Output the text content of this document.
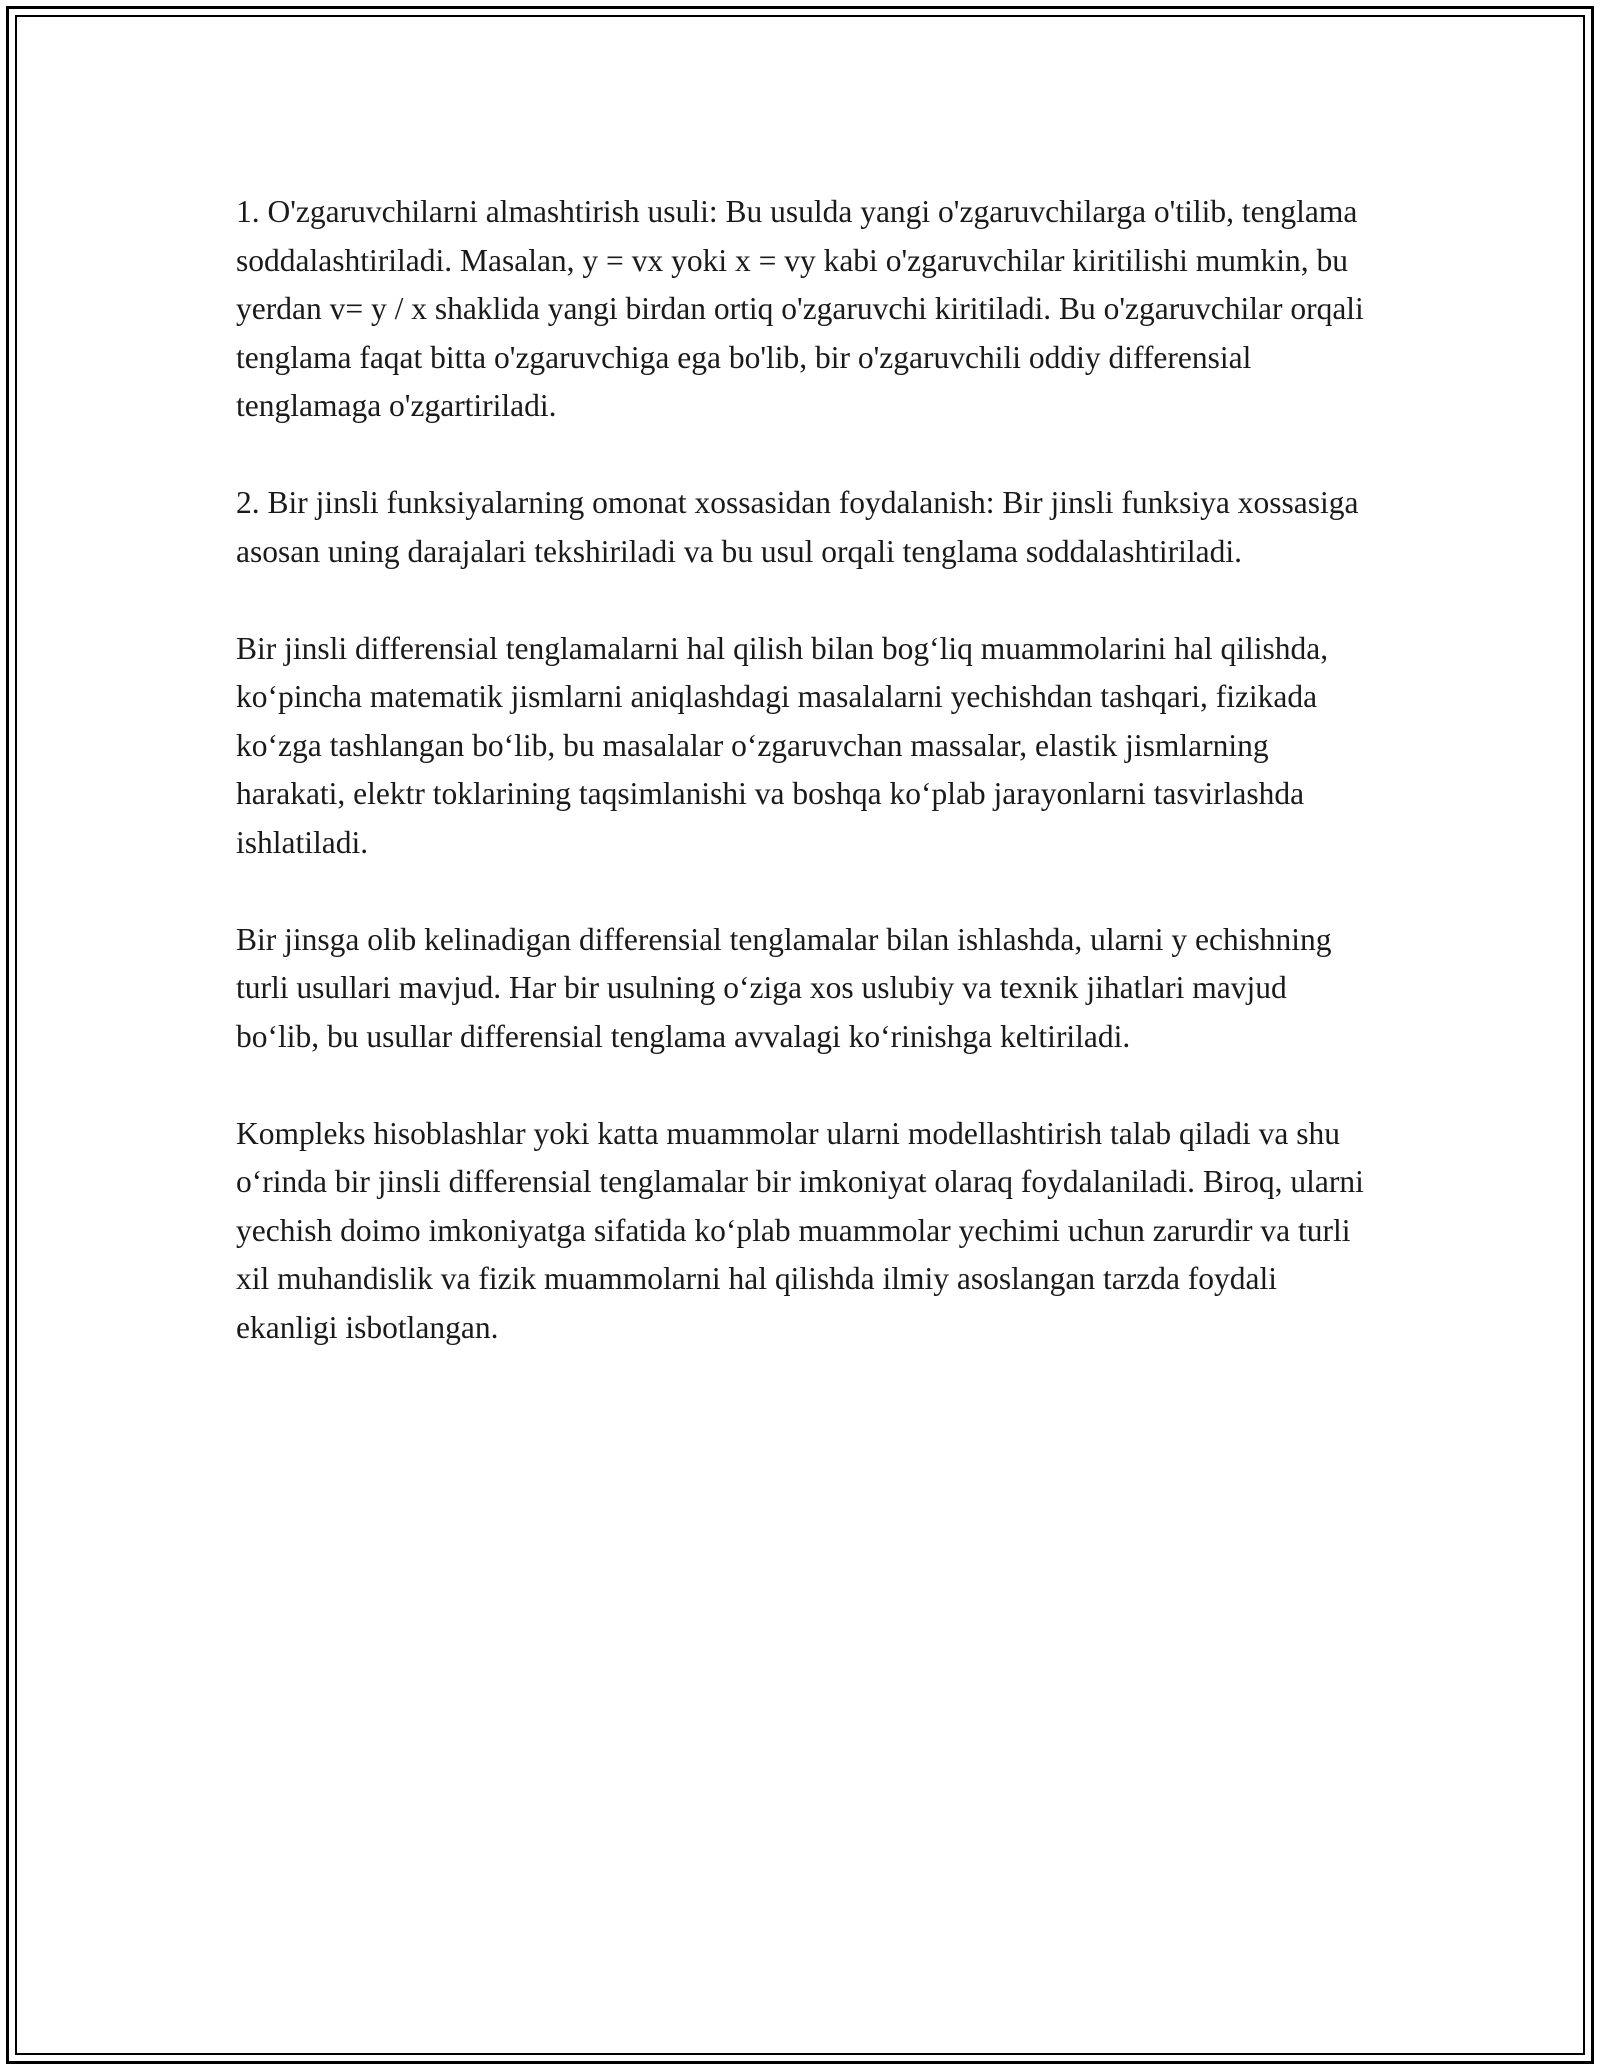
1. O'zgaruvchilarni almashtirish usuli: Bu usulda yangi o'zgaruvchilarga o'tilib, tenglama soddalashtiriladi. Masalan, y = vx yoki x = vy kabi o'zgaruvchilar kiritilishi mumkin, bu yerdan v= y / x shaklida yangi birdan ortiq o'zgaruvchi kiritiladi. Bu o'zgaruvchilar orqali tenglama faqat bitta o'zgaruvchiga ega bo'lib, bir o'zgaruvchili oddiy differensial tenglamaga o'zgartiriladi.

2. Bir jinsli funksiyalarning omonat xossasidan foydalanish: Bir jinsli funksiya xossasiga asosan uning darajalari tekshiriladi va bu usul orqali tenglama soddalashtiriladi.

Bir jinsli differensial tenglamalarni hal qilish bilan bog‘liq muammolarini hal qilishda, ko‘pincha matematik jismlarni aniqlashdagi masalalarni yechishdan tashqari, fizikada ko‘zga tashlangan bo‘lib, bu masalalar o‘zgaruvchan massalar, elastik jismlarning harakati, elektr toklarining taqsimlanishi va boshqa ko‘plab jarayonlarni tasvirlashda ishlatiladi.

Bir jinsga olib kelinadigan differensial tenglamalar bilan ishlashda, ularni y echishning turli usullari mavjud. Har bir usulning o‘ziga xos uslubiy va texnik jihatlari mavjud bo‘lib, bu usullar differensial tenglama avvalagi ko‘rinishga keltiriladi.

Kompleks hisoblashlar yoki katta muammolar ularni modellashtirish talab qiladi va shu o‘rinda bir jinsli differensial tenglamalar bir imkoniyat olaraq foydalaniladi. Biroq, ularni yechish doimo imkoniyatga sifatida ko‘plab muammolar yechimi uchun zarurdir va turli xil muhandislik va fizik muammolarni hal qilishda ilmiy asoslangan tarzda foydali ekanligi isbotlangan.
